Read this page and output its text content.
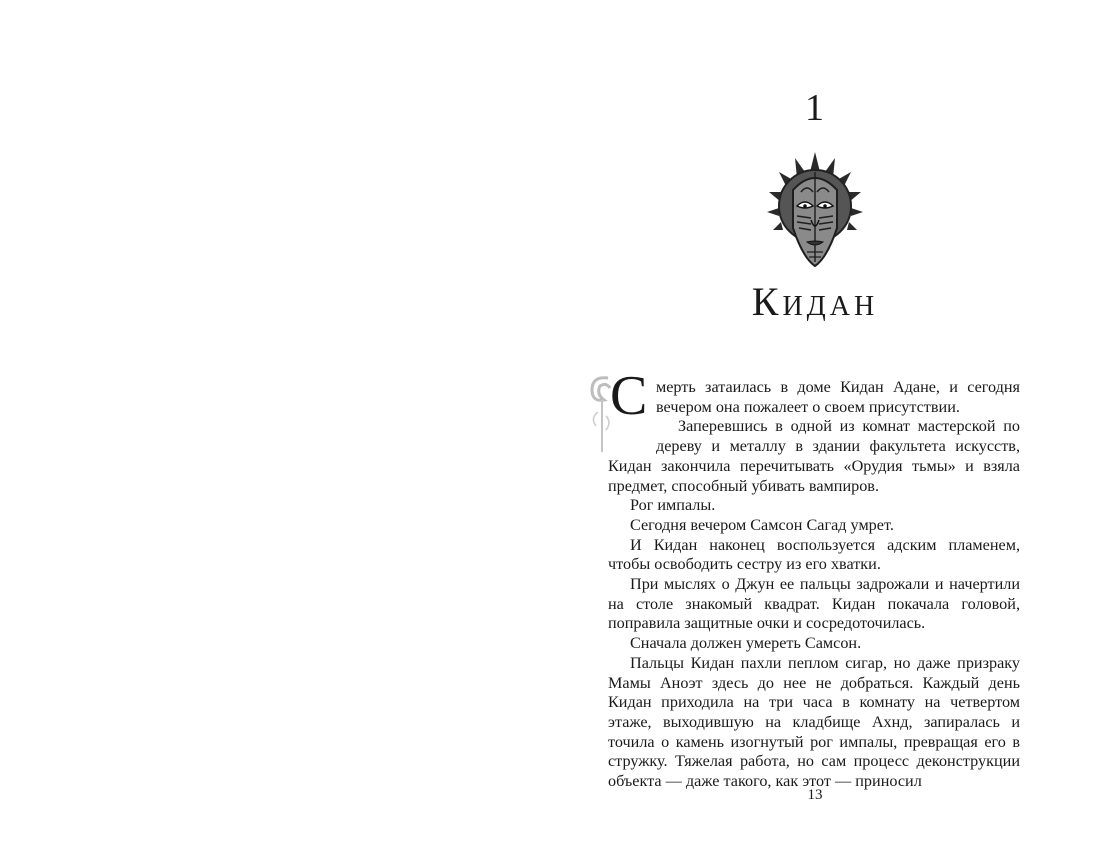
1
Кидан

С мерть затаилась в доме Кидан Адане, и сегодня вечером она пожалеет о своем присутствии.

Заперевшись в одной из комнат мастерской по дереву и металлу в здании факультета искусств, Кидан закончила перечитывать «Орудия тьмы» и взяла предмет, способный убивать вампиров.

Рог импалы.

Сегодня вечером Самсон Сагад умрет.

И Кидан наконец воспользуется адским пламенем, чтобы освободить сестру из его хватки.

При мыслях о Джун ее пальцы задрожали и начертили на столе знакомый квадрат. Кидан покачала головой, поправила защитные очки и сосредоточилась.

Сначала должен умереть Самсон.

Пальцы Кидан пахли пеплом сигар, но даже призраку Мамы Аноэт здесь до нее не добраться. Каждый день Кидан приходила на три часа в комнату на четвертом этаже, выходившую на кладбище Ахнд, запиралась и точила о камень изогнутый рог импалы, превращая его в стружку. Тяжелая работа, но сам процесс деконструкции объекта — даже такого, как этот — приносил

13
